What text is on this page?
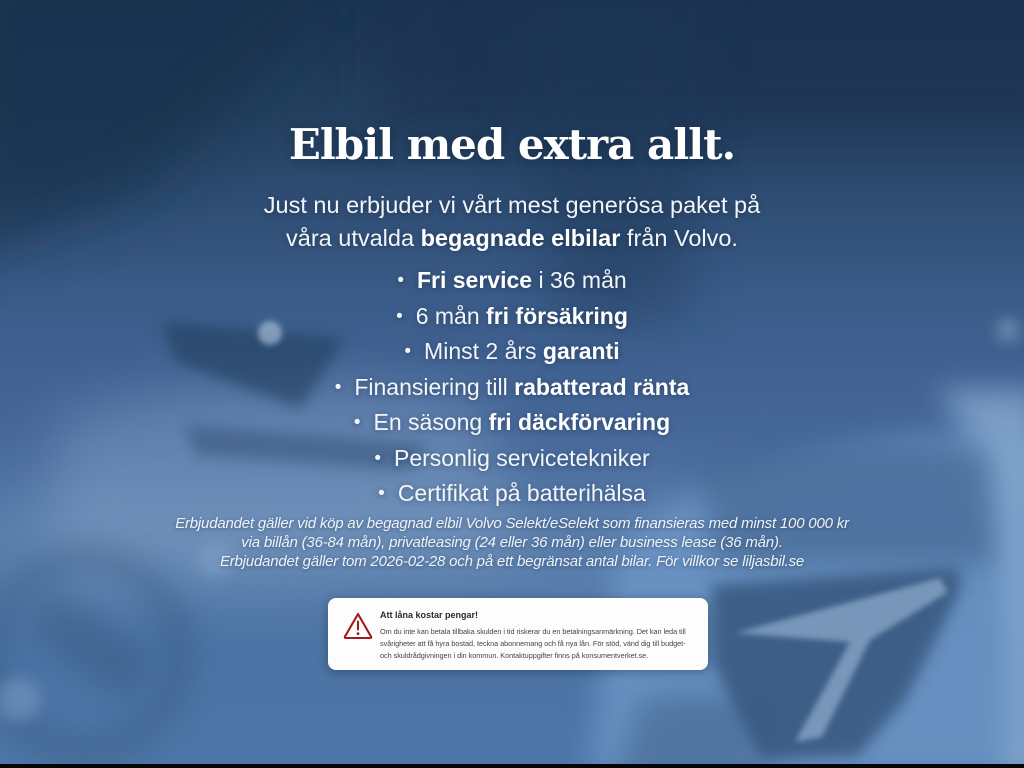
Elbil med extra allt.

Just nu erbjuder vi vårt mest generösa paket på
våra utvalda begagnade elbilar från Volvo.

• Fri service i 36 mån
• 6 mån fri försäkring
• Minst 2 års garanti
• Finansiering till rabatterad ränta
• En säsong fri däckförvaring
• Personlig servicetekniker
• Certifikat på batterihälsa

Erbjudandet gäller vid köp av begagnad elbil Volvo Selekt/eSelekt som finansieras med minst 100 000 kr
via billån (36-84 mån), privatleasing (24 eller 36 mån) eller business lease (36 mån).
Erbjudandet gäller tom 2026-02-28 och på ett begränsat antal bilar. För villkor se liljasbil.se

Att låna kostar pengar!

Om du inte kan betala tillbaka skulden i tid riskerar du en betalningsanmärkning. Det kan leda till svårigheter att få hyra bostad, teckna abonnemang och få nya lån. För stöd, vänd dig till budget- och skuldrådgivningen i din kommun. Kontaktuppgifter finns på konsumentverket.se.
